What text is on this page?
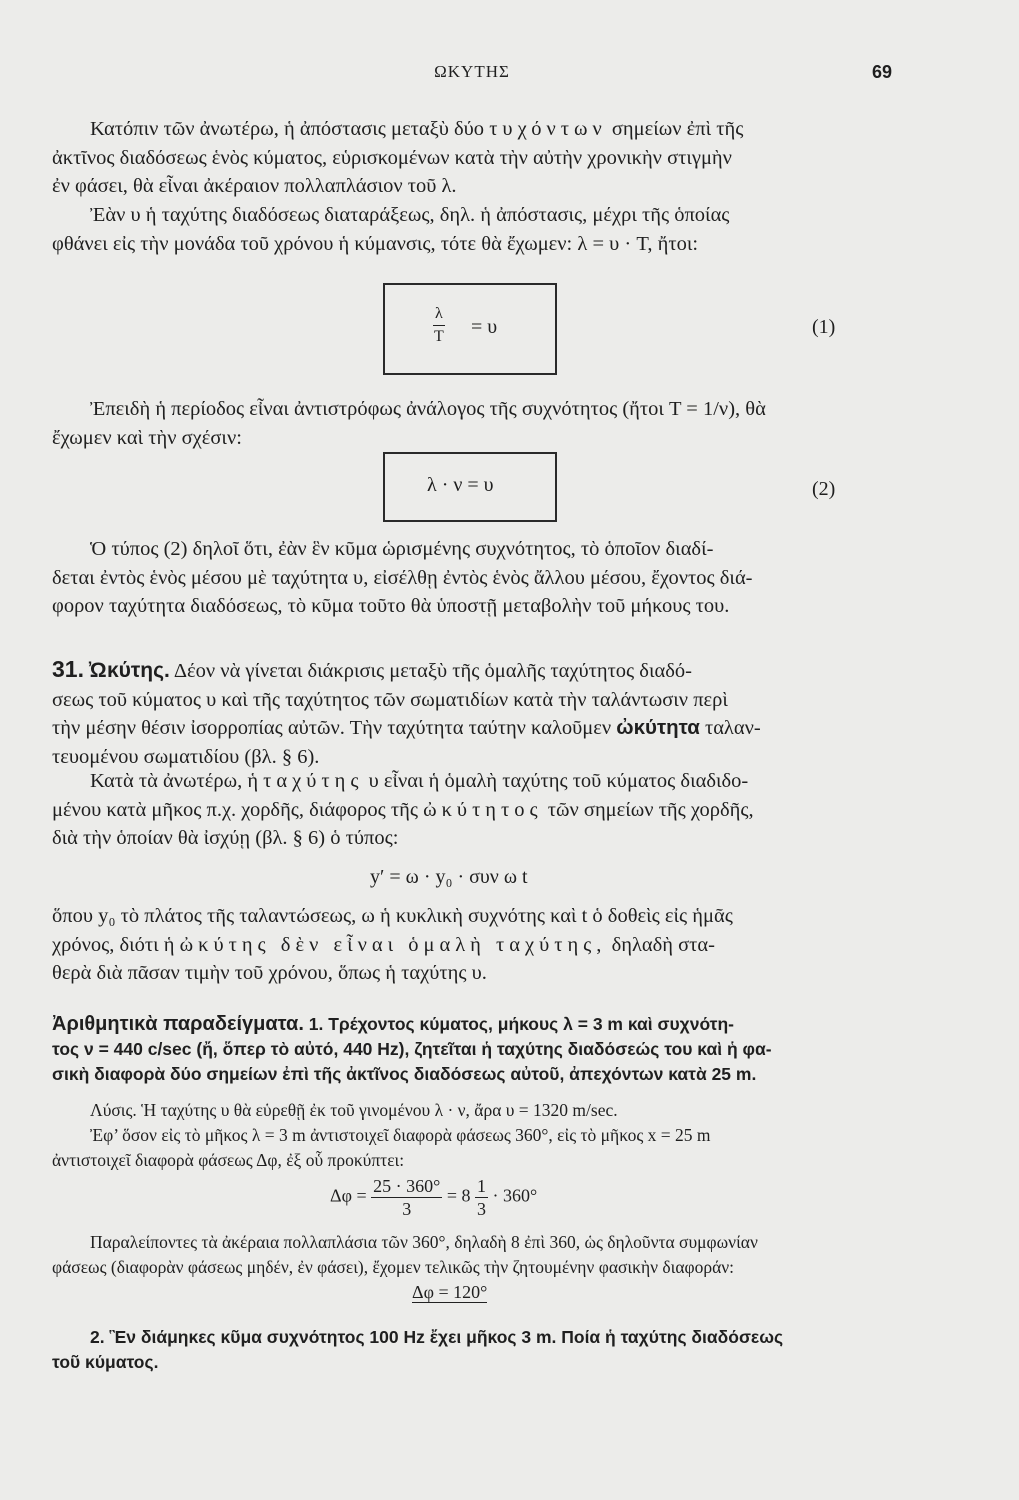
ΩΚΥΤΗΣ	69
Κατόπιν τῶν ἀνωτέρω, ἡ ἀπόστασις μεταξὺ δύο τυχόντων σημείων ἐπὶ τῆς
ἀκτῖνος διαδόσεως ἑνὸς κύματος, εὑρισκομένων κατὰ τὴν αὐτὴν χρονικὴν στιγμὴν
ἐν φάσει, θὰ εἶναι ἀκέραιον πολλαπλάσιον τοῦ λ.
Ἐὰν υ ἡ ταχύτης διαδόσεως διαταράξεως, δηλ. ἡ ἀπόστασις, μέχρι τῆς ὁποίας
φθάνει εἰς τὴν μονάδα τοῦ χρόνου ἡ κύμανσις, τότε θὰ ἔχωμεν: λ = υ · T, ἤτοι:
$\frac{\lambda}{T} = \upsilon$	(1)
Ἐπειδὴ ἡ περίοδος εἶναι ἀντιστρόφως ἀνάλογος τῆς συχνότητος (ἤτοι T = 1/ν), θὰ
ἔχωμεν καὶ τὴν σχέσιν:
λ · ν = υ	(2)
Ὁ τύπος (2) δηλοῖ ὅτι, ἐὰν ἓν κῦμα ὡρισμένης συχνότητος, τὸ ὁποῖον διαδί-
δεται ἐντὸς ἑνὸς μέσου μὲ ταχύτητα υ, εἰσέλθῃ ἐντὸς ἑνὸς ἄλλου μέσου, ἔχοντος διά-
φορον ταχύτητα διαδόσεως, τὸ κῦμα τοῦτο θὰ ὑποστῇ μεταβολὴν τοῦ μήκους του.
31. Ὠκύτης. Δέον νὰ γίνεται διάκρισις μεταξὺ τῆς ὁμαλῆς ταχύτητος διαδό-
σεως τοῦ κύματος υ καὶ τῆς ταχύτητος τῶν σωματιδίων κατὰ τὴν ταλάντωσιν περὶ
τὴν μέσην θέσιν ἰσορροπίας αὐτῶν. Τὴν ταχύτητα ταύτην καλοῦμεν ὠκύτητα ταλαν-
τευομένου σωματιδίου (βλ. § 6).
Κατὰ τὰ ἀνωτέρω, ἡ ταχύτης υ εἶναι ἡ ὁμαλὴ ταχύτης τοῦ κύματος διαδιδο-
μένου κατὰ μῆκος π.χ. χορδῆς, διάφορος τῆς ὠκύτητος τῶν σημείων τῆς χορδῆς,
διὰ τὴν ὁποίαν θὰ ἰσχύῃ (βλ. § 6) ὁ τύπος:
y′ = ω · y₀ · συν ω t
ὅπου y₀ τὸ πλάτος τῆς ταλαντώσεως, ω ἡ κυκλικὴ συχνότης καὶ t ὁ δοθεὶς εἰς ἡμᾶς
χρόνος, διότι ἡ ὠκύτης δὲν εἶναι ὁμαλὴ ταχύτης, δηλαδὴ στα-
θερὰ διὰ πᾶσαν τιμὴν τοῦ χρόνου, ὅπως ἡ ταχύτης υ.
Ἀριθμητικὰ παραδείγματα. 1. Τρέχοντος κύματος, μήκους λ = 3 m καὶ συχνότη-
τος ν = 440 c/sec (ἤ, ὅπερ τὸ αὐτό, 440 Hz), ζητεῖται ἡ ταχύτης διαδόσεώς του καὶ ἡ φα-
σικὴ διαφορὰ δύο σημείων ἐπὶ τῆς ἀκτῖνος διαδόσεως αὐτοῦ, ἀπεχόντων κατὰ 25 m.
Λύσις. Ἡ ταχύτης υ θὰ εὑρεθῇ ἐκ τοῦ γινομένου λ · ν, ἄρα υ = 1320 m/sec.
Ἐφ’ ὅσον εἰς τὸ μῆκος λ = 3 m ἀντιστοιχεῖ διαφορὰ φάσεως 360°, εἰς τὸ μῆκος x = 25 m
ἀντιστοιχεῖ διαφορὰ φάσεως Δφ, ἐξ οὗ προκύπτει:
$\Delta\varphi = \frac{25 \cdot 360^\circ}{3} = 8 \frac{1}{3} \cdot 360^\circ$
Παραλείποντες τὰ ἀκέραια πολλαπλάσια τῶν 360°, δηλαδὴ 8 ἐπὶ 360, ὡς δηλοῦντα συμφωνίαν
φάσεως (διαφορὰν φάσεως μηδέν, ἐν φάσει), ἔχομεν τελικῶς τὴν ζητουμένην φασικὴν διαφοράν:
Δφ = 120°
2. Ἓν διάμηκες κῦμα συχνότητος 100 Hz ἔχει μῆκος 3 m. Ποία ἡ ταχύτης διαδόσεως
τοῦ κύματος.
